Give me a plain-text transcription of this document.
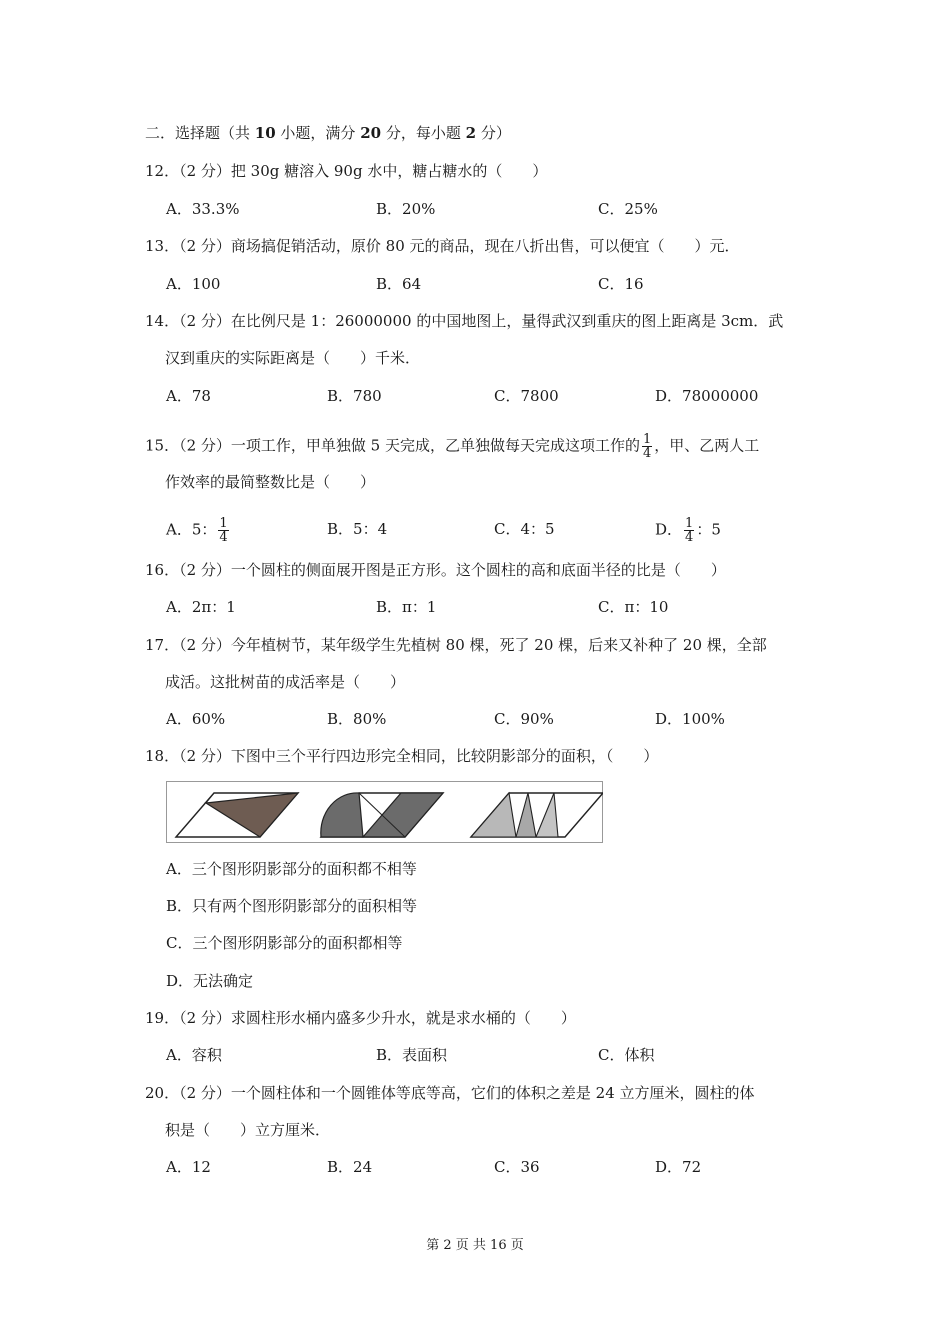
二．选择题（共 10 小题，满分 20 分，每小题 2 分）
12．（2 分）把 30g 糖溶入 90g 水中，糖占糖水的（　　）
A．33.3%	B．20%	C．25%
13．（2 分）商场搞促销活动，原价 80 元的商品，现在八折出售，可以便宜（　　）元．
A．100	B．64	C．16
14．（2 分）在比例尺是 1：26000000 的中国地图上，量得武汉到重庆的图上距离是 3cm．武
汉到重庆的实际距离是（　　）千米．
A．78	B．780	C．7800	D．78000000
15．（2 分）一项工作，甲单独做 5 天完成，乙单独做每天完成这项工作的 $\frac{1}{4}$ ，甲、乙两人工
作效率的最简整数比是（　　）
A．5： $\frac{1}{4}$	B．5：4	C．4：5	D． $\frac{1}{4}$ ：5
16．（2 分）一个圆柱的侧面展开图是正方形。这个圆柱的高和底面半径的比是（　　）
A．2π：1	B．π：1	C．π：10
17．（2 分）今年植树节，某年级学生先植树 80 棵，死了 20 棵，后来又补种了 20 棵，全部
成活。这批树苗的成活率是（　　）
A．60%	B．80%	C．90%	D．100%
18．（2 分）下图中三个平行四边形完全相同，比较阴影部分的面积，（　　）
A．三个图形阴影部分的面积都不相等
B．只有两个图形阴影部分的面积相等
C．三个图形阴影部分的面积都相等
D．无法确定
19．（2 分）求圆柱形水桶内盛多少升水，就是求水桶的（　　）
A．容积	B．表面积	C．体积
20．（2 分）一个圆柱体和一个圆锥体等底等高，它们的体积之差是 24 立方厘米，圆柱的体
积是（　　）立方厘米．
A．12	B．24	C．36	D．72
第 2 页 共 16 页
